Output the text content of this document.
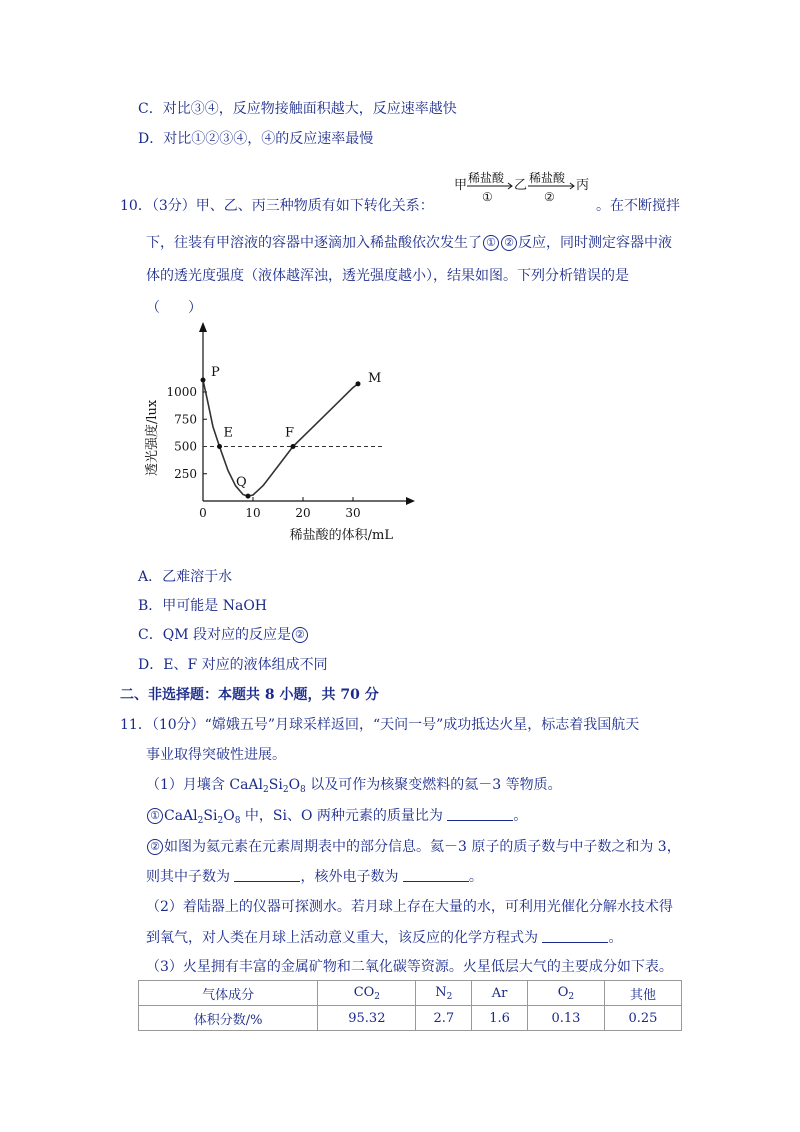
C．对比③④，反应物接触面积越大，反应速率越快
D．对比①②③④，④的反应速率最慢
10．（3分）甲、乙、丙三种物质有如下转化关系：
甲 稀盐酸
①
乙 稀盐酸
②
丙
。在不断搅拌
下，往装有甲溶液的容器中逐滴加入稀盐酸依次发生了 ① ② 反应，同时测定容器中液
体的透光度强度（液体越浑浊，透光强度越小），结果如图。下列分析错误的是
（　　）
0	10	20	30
250
500
750
1000
P
E
Q
F
M
稀盐酸的体积/mL
透光强度/lux
A．乙难溶于水
B．甲可能是 NaOH
C．QM 段对应的反应是 ②
D．E、F 对应的液体组成不同
二、非选择题：本题共 8 小题，共 70 分
11．（10分）“嫦娥五号”月球采样返回，“天问一号”成功抵达火星，标志着我国航天
事业取得突破性进展。
（1）月壤含 $CaAl_2Si_2O_8$ 以及可作为核聚变燃料的氦－3 等物质。
① $CaAl_2Si_2O_8$ 中，Si、O 两种元素的质量比为	。
② 如图为氦元素在元素周期表中的部分信息。氦－3 原子的质子数与中子数之和为 3，
则其中子数为	，核外电子数为	。
（2）着陆器上的仪器可探测水。若月球上存在大量的水，可利用光催化分解水技术得
到氧气，对人类在月球上活动意义重大，该反应的化学方程式为	。
（3）火星拥有丰富的金属矿物和二氧化碳等资源。火星低层大气的主要成分如下表。
气体成分	$CO_2$	$N_2$	Ar	$O_2$	其他
体积分数/%	95.32	2.7	1.6	0.13	0.25
